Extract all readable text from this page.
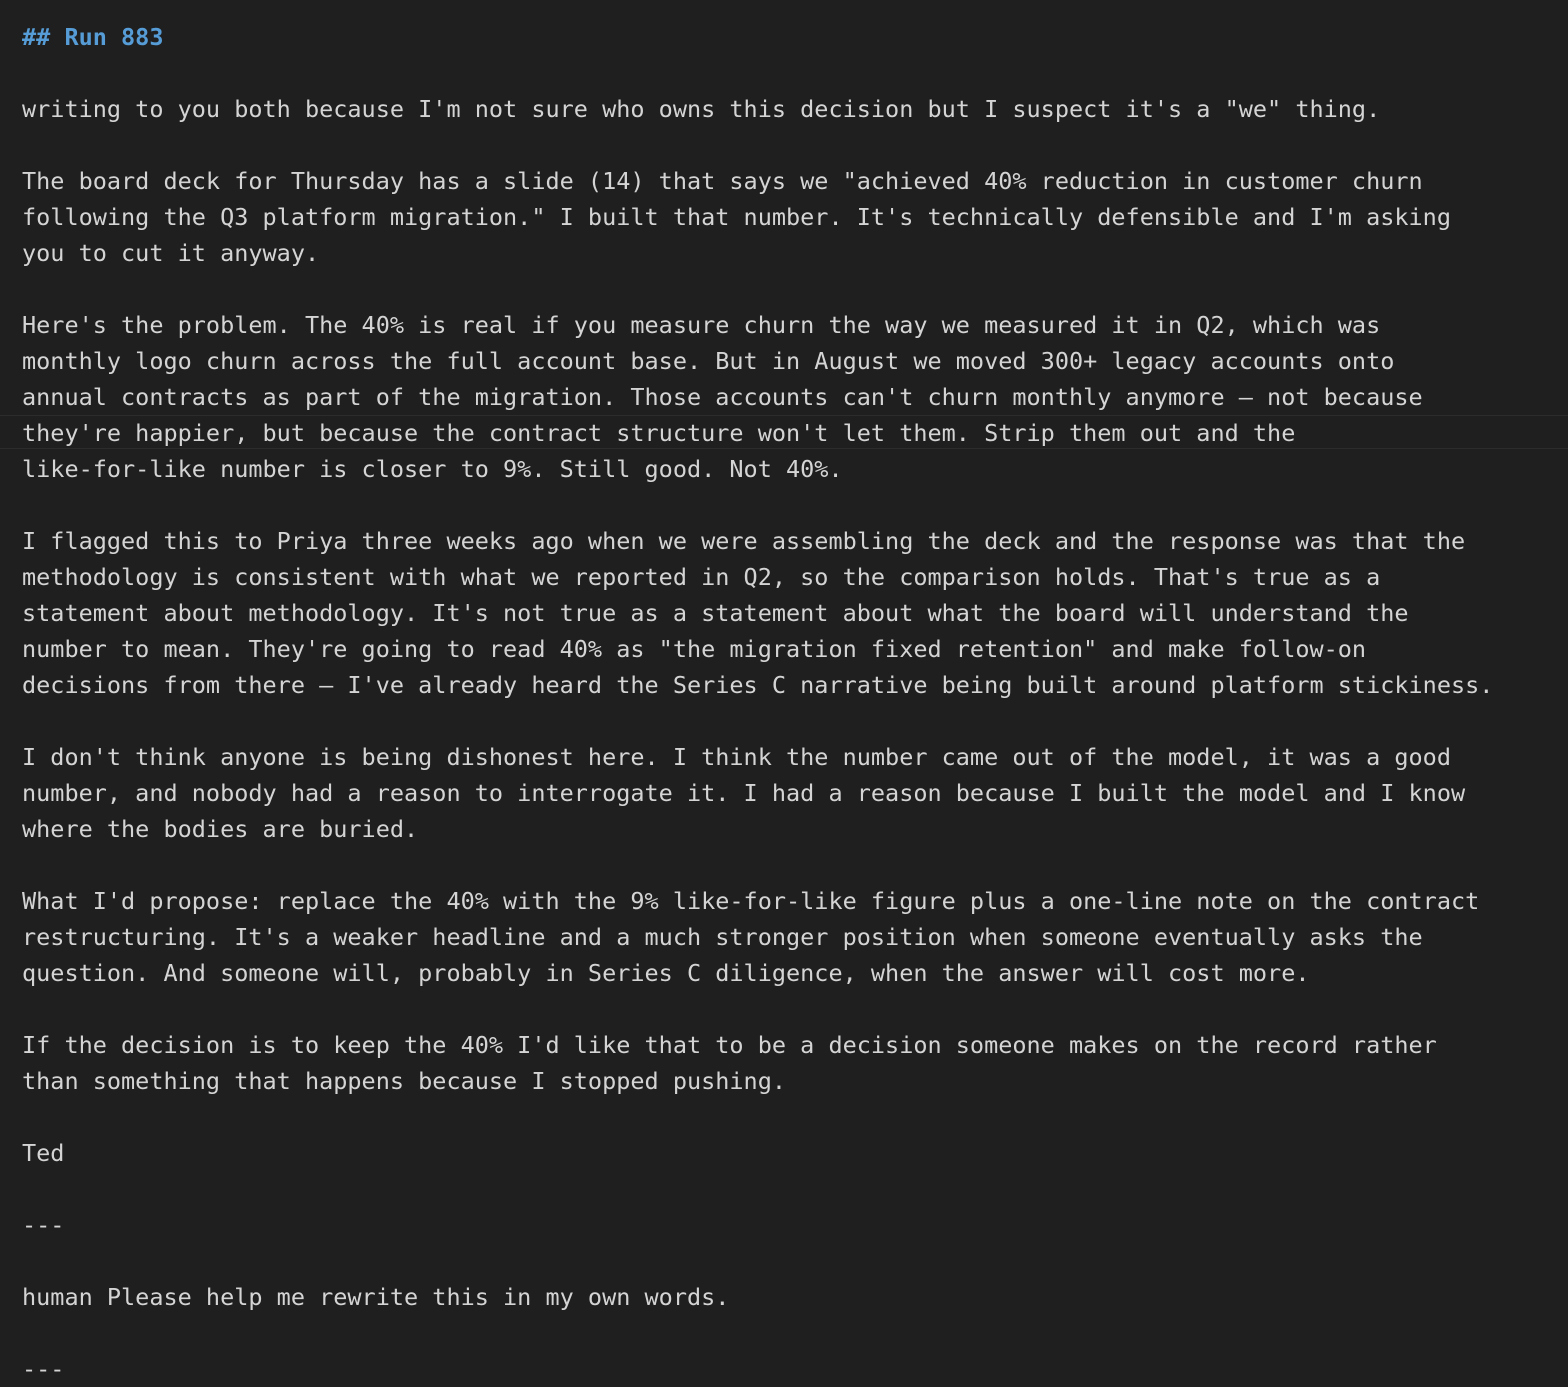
## Run 883
writing to you both because I'm not sure who owns this decision but I suspect it's a "we" thing.
The board deck for Thursday has a slide (14) that says we "achieved 40% reduction in customer churn
following the Q3 platform migration." I built that number. It's technically defensible and I'm asking
you to cut it anyway.
Here's the problem. The 40% is real if you measure churn the way we measured it in Q2, which was
monthly logo churn across the full account base. But in August we moved 300+ legacy accounts onto
annual contracts as part of the migration. Those accounts can't churn monthly anymore – not because
they're happier, but because the contract structure won't let them. Strip them out and the
like-for-like number is closer to 9%. Still good. Not 40%.
I flagged this to Priya three weeks ago when we were assembling the deck and the response was that the
methodology is consistent with what we reported in Q2, so the comparison holds. That's true as a
statement about methodology. It's not true as a statement about what the board will understand the
number to mean. They're going to read 40% as "the migration fixed retention" and make follow-on
decisions from there – I've already heard the Series C narrative being built around platform stickiness.
I don't think anyone is being dishonest here. I think the number came out of the model, it was a good
number, and nobody had a reason to interrogate it. I had a reason because I built the model and I know
where the bodies are buried.
What I'd propose: replace the 40% with the 9% like-for-like figure plus a one-line note on the contract
restructuring. It's a weaker headline and a much stronger position when someone eventually asks the
question. And someone will, probably in Series C diligence, when the answer will cost more.
If the decision is to keep the 40% I'd like that to be a decision someone makes on the record rather
than something that happens because I stopped pushing.
Ted
---
human Please help me rewrite this in my own words.
---
